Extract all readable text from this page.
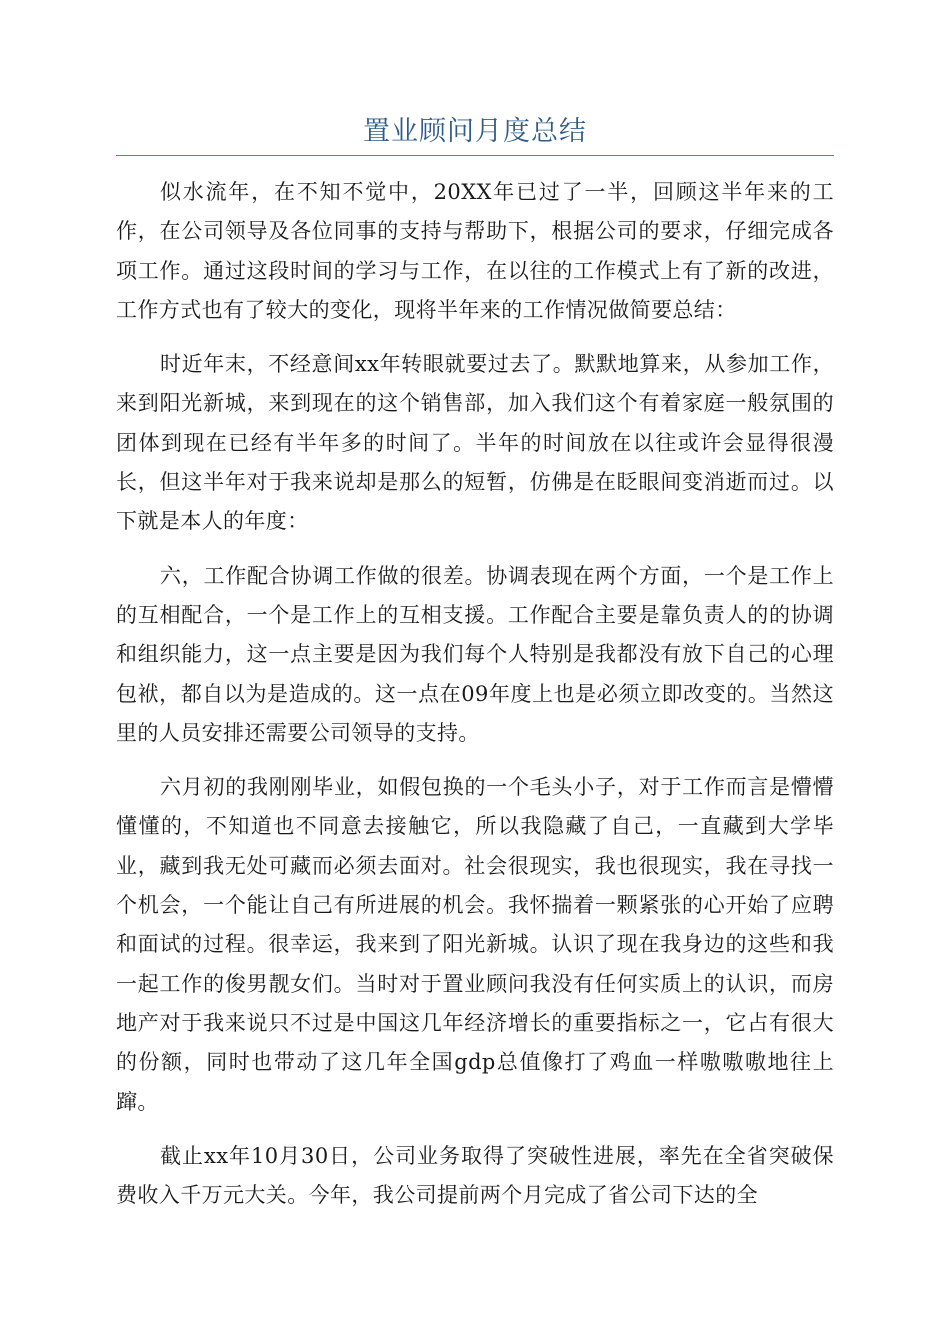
置业顾问月度总结

似水流年，在不知不觉中，20XX年已过了一半，回顾这半年来的工作，在公司领导及各位同事的支持与帮助下，根据公司的要求，仔细完成各项工作。通过这段时间的学习与工作，在以往的工作模式上有了新的改进，工作方式也有了较大的变化，现将半年来的工作情况做简要总结：

时近年末，不经意间xx年转眼就要过去了。默默地算来，从参加工作，来到阳光新城，来到现在的这个销售部，加入我们这个有着家庭一般氛围的团体到现在已经有半年多的时间了。半年的时间放在以往或许会显得很漫长，但这半年对于我来说却是那么的短暂，仿佛是在眨眼间变消逝而过。以下就是本人的年度：

六，工作配合协调工作做的很差。协调表现在两个方面，一个是工作上的互相配合，一个是工作上的互相支援。工作配合主要是靠负责人的的协调和组织能力，这一点主要是因为我们每个人特别是我都没有放下自己的心理包袱，都自以为是造成的。这一点在09年度上也是必须立即改变的。当然这里的人员安排还需要公司领导的支持。

六月初的我刚刚毕业，如假包换的一个毛头小子，对于工作而言是懵懵懂懂的，不知道也不同意去接触它，所以我隐藏了自己，一直藏到大学毕业，藏到我无处可藏而必须去面对。社会很现实，我也很现实，我在寻找一个机会，一个能让自己有所进展的机会。我怀揣着一颗紧张的心开始了应聘和面试的过程。很幸运，我来到了阳光新城。认识了现在我身边的这些和我一起工作的俊男靓女们。当时对于置业顾问我没有任何实质上的认识，而房地产对于我来说只不过是中国这几年经济增长的重要指标之一，它占有很大的份额，同时也带动了这几年全国gdp总值像打了鸡血一样嗷嗷嗷地往上蹿。

截止xx年10月30日，公司业务取得了突破性进展，率先在全省突破保费收入千万元大关。今年，我公司提前两个月完成了省公司下达的全
